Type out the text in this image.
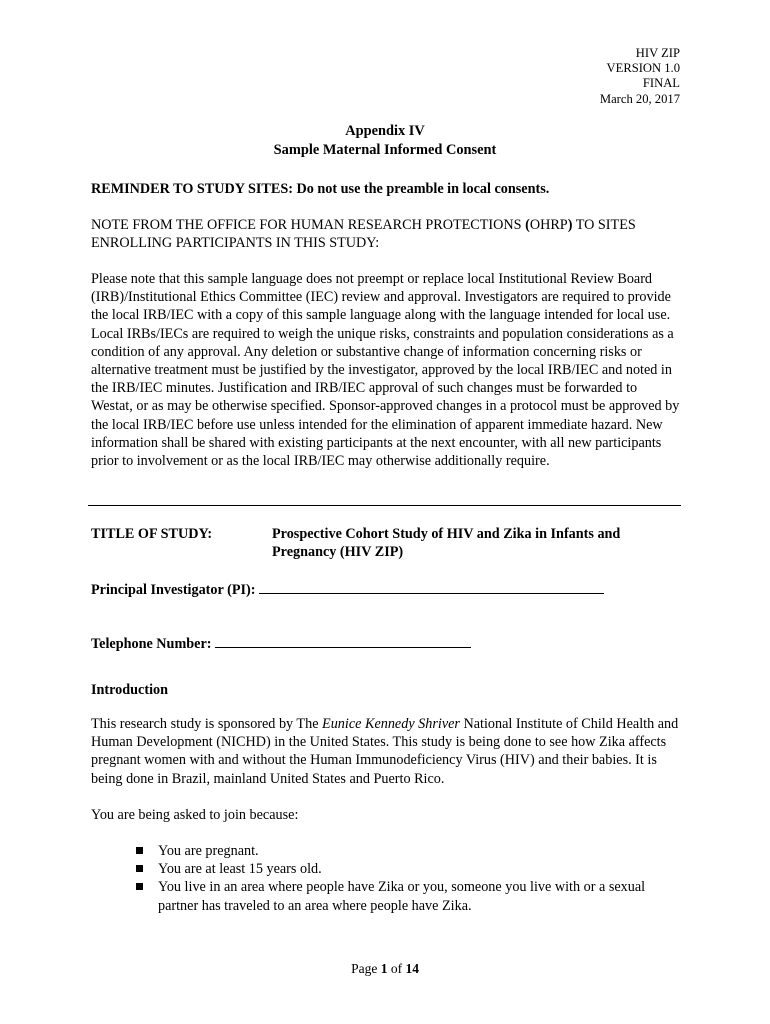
HIV ZIP
VERSION 1.0
FINAL
March 20, 2017
Appendix IV
Sample Maternal Informed Consent

REMINDER TO STUDY SITES: Do not use the preamble in local consents.

NOTE FROM THE OFFICE FOR HUMAN RESEARCH PROTECTIONS (OHRP) TO SITES ENROLLING PARTICIPANTS IN THIS STUDY:

Please note that this sample language does not preempt or replace local Institutional Review Board (IRB)/Institutional Ethics Committee (IEC) review and approval. Investigators are required to provide the local IRB/IEC with a copy of this sample language along with the language intended for local use. Local IRBs/IECs are required to weigh the unique risks, constraints and population considerations as a condition of any approval. Any deletion or substantive change of information concerning risks or alternative treatment must be justified by the investigator, approved by the local IRB/IEC and noted in the IRB/IEC minutes. Justification and IRB/IEC approval of such changes must be forwarded to Westat, or as may be otherwise specified. Sponsor-approved changes in a protocol must be approved by the local IRB/IEC before use unless intended for the elimination of apparent immediate hazard. New information shall be shared with existing participants at the next encounter, with all new participants prior to involvement or as the local IRB/IEC may otherwise additionally require.

TITLE OF STUDY:	Prospective Cohort Study of HIV and Zika in Infants and Pregnancy (HIV ZIP)

Principal Investigator (PI):

Telephone Number:

Introduction

This research study is sponsored by The Eunice Kennedy Shriver National Institute of Child Health and Human Development (NICHD) in the United States. This study is being done to see how Zika affects pregnant women with and without the Human Immunodeficiency Virus (HIV) and their babies. It is being done in Brazil, mainland United States and Puerto Rico.

You are being asked to join because:

You are pregnant.
You are at least 15 years old.
You live in an area where people have Zika or you, someone you live with or a sexual partner has traveled to an area where people have Zika.
Page 1 of 14
